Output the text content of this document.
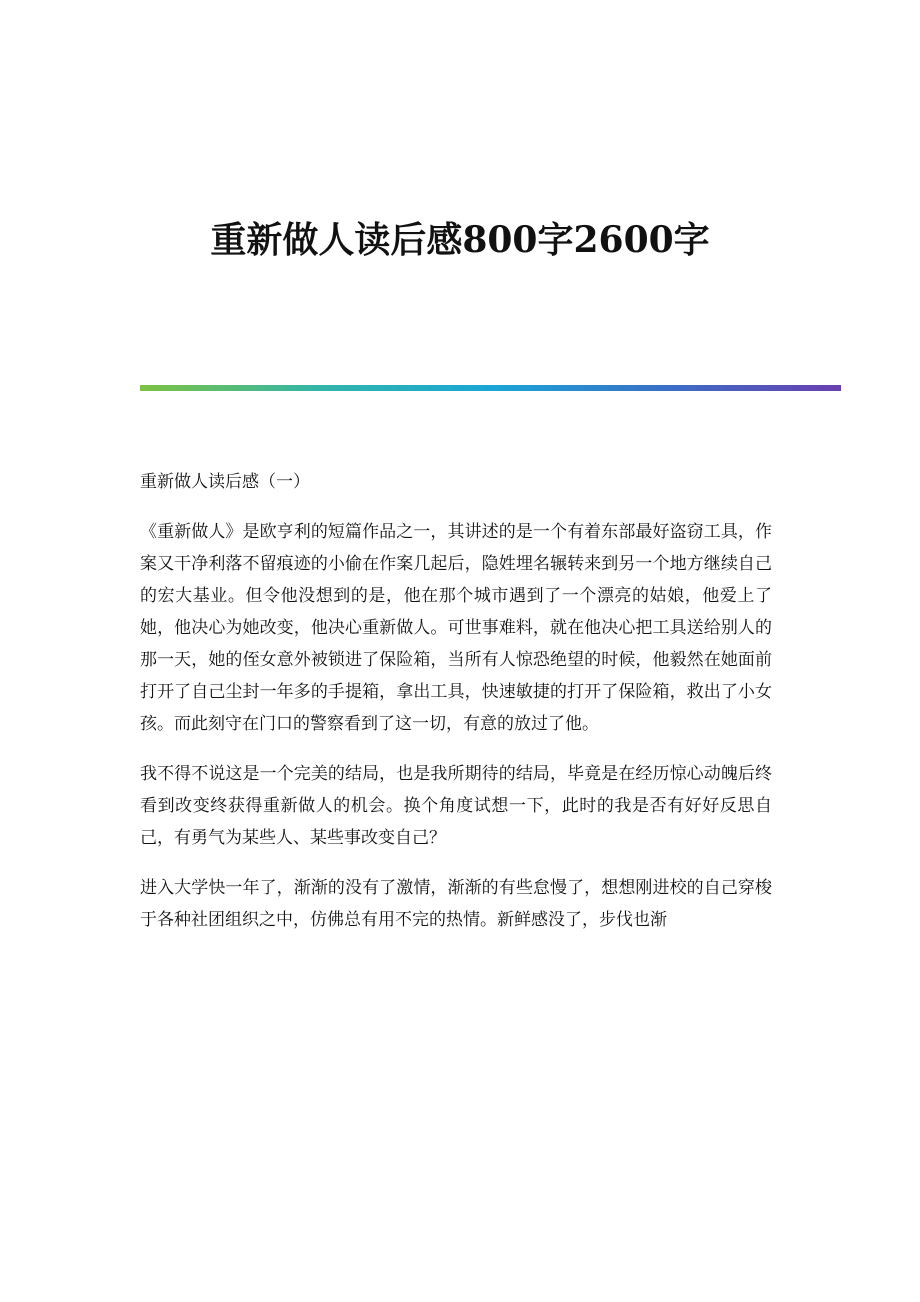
重新做人读后感800字2600字

重新做人读后感（一）

《重新做人》是欧亨利的短篇作品之一，其讲述的是一个有着东部最好盗窃工具，作案又干净利落不留痕迹的小偷在作案几起后，隐姓埋名辗转来到另一个地方继续自己的宏大基业。但令他没想到的是，他在那个城市遇到了一个漂亮的姑娘，他爱上了她，他决心为她改变，他决心重新做人。可世事难料，就在他决心把工具送给别人的那一天，她的侄女意外被锁进了保险箱，当所有人惊恐绝望的时候，他毅然在她面前打开了自己尘封一年多的手提箱，拿出工具，快速敏捷的打开了保险箱，救出了小女孩。而此刻守在门口的警察看到了这一切，有意的放过了他。

我不得不说这是一个完美的结局，也是我所期待的结局，毕竟是在经历惊心动魄后终看到改变终获得重新做人的机会。换个角度试想一下，此时的我是否有好好反思自己，有勇气为某些人、某些事改变自己？

进入大学快一年了，渐渐的没有了激情，渐渐的有些怠慢了，想想刚进校的自己穿梭于各种社团组织之中，仿佛总有用不完的热情。新鲜感没了，步伐也渐
